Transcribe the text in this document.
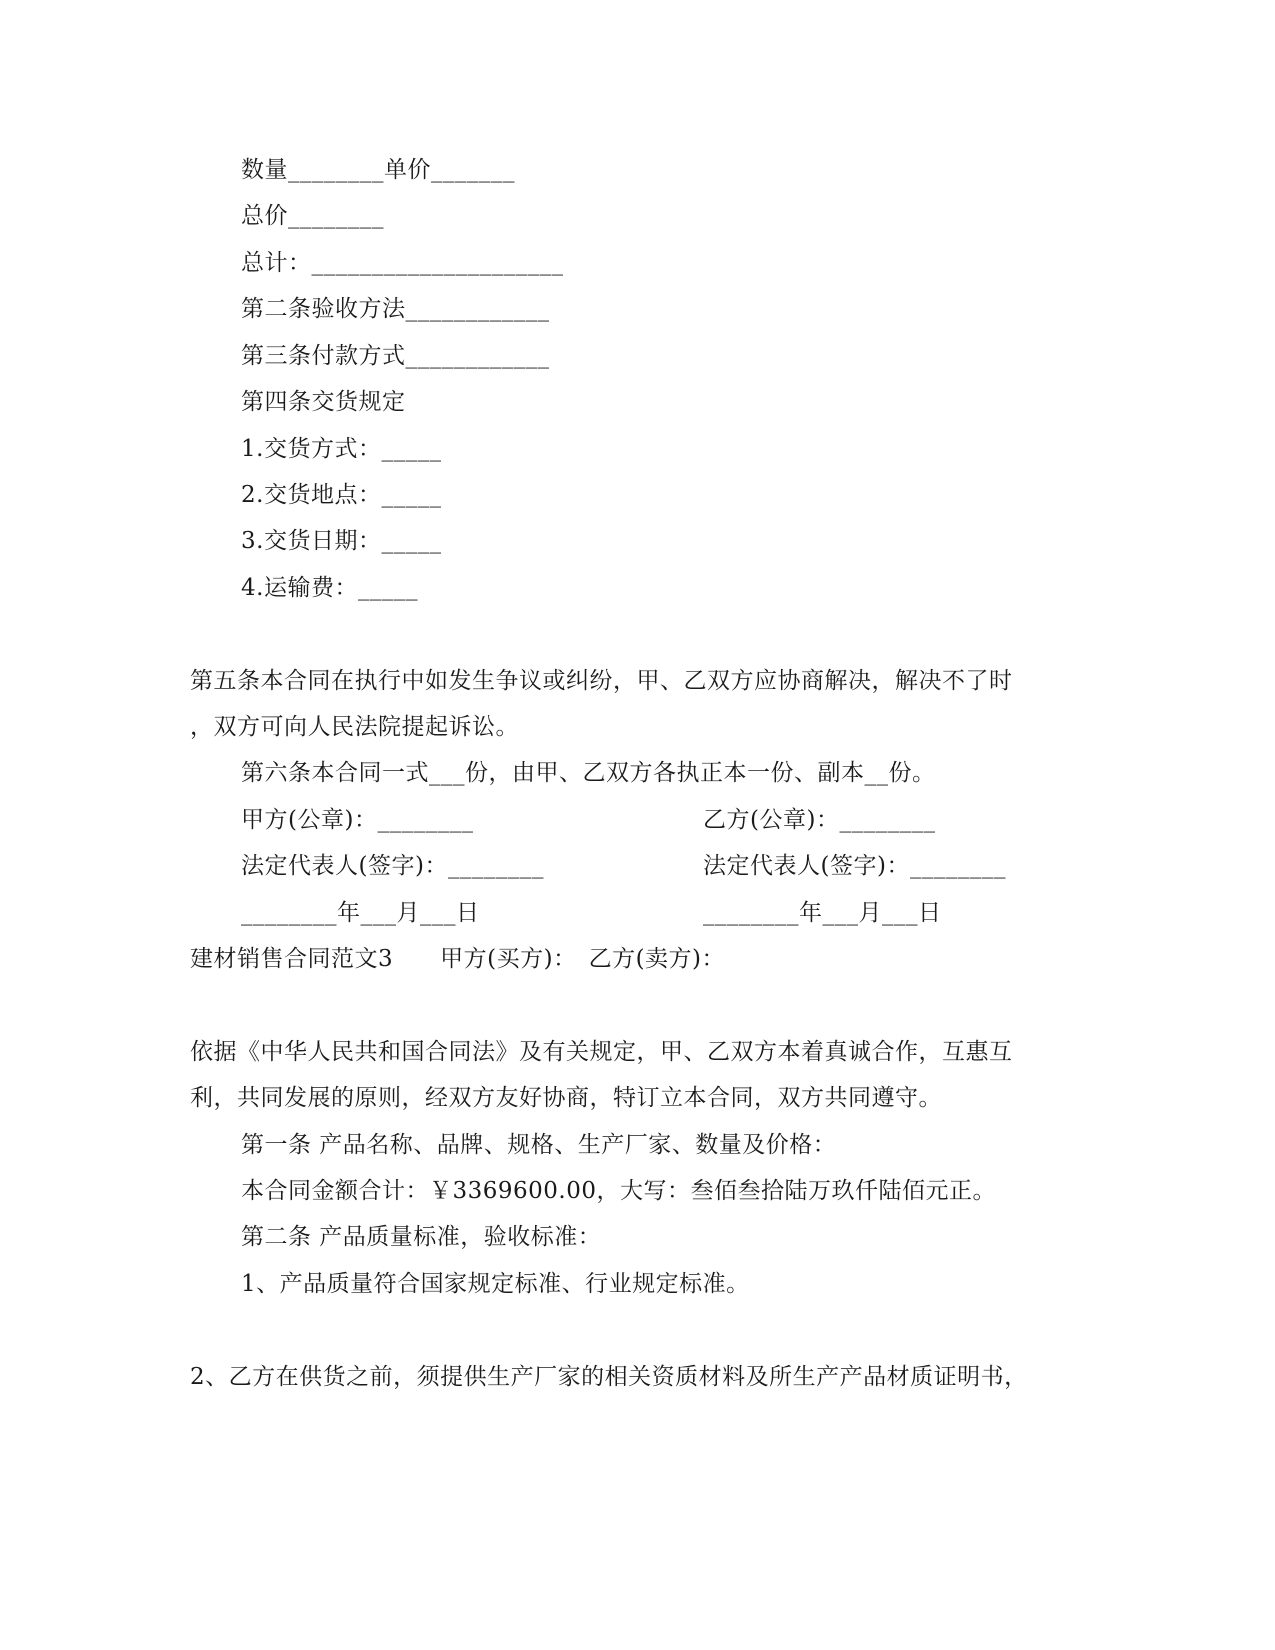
数量________单价_______
总价________
总计：_____________________
第二条验收方法____________
第三条付款方式____________
第四条交货规定
1.交货方式：_____
2.交货地点：_____
3.交货日期：_____
4.运输费：_____
第五条本合同在执行中如发生争议或纠纷，甲、乙双方应协商解决，解决不了时
，双方可向人民法院提起诉讼。
第六条本合同一式___份，由甲、乙双方各执正本一份、副本__份。
甲方(公章)：________	乙方(公章)：________
法定代表人(签字)：________	法定代表人(签字)：________
________年___月___日	________年___月___日
建材销售合同范文3　　甲方(买方)：　乙方(卖方)：
依据《中华人民共和国合同法》及有关规定，甲、乙双方本着真诚合作，互惠互
利，共同发展的原则，经双方友好协商，特订立本合同，双方共同遵守。
第一条 产品名称、品牌、规格、生产厂家、数量及价格：
本合同金额合计：￥3369600.00，大写：叁佰叁拾陆万玖仟陆佰元正。
第二条 产品质量标准，验收标准：
1、产品质量符合国家规定标准、行业规定标准。
2、乙方在供货之前，须提供生产厂家的相关资质材料及所生产产品材质证明书，
